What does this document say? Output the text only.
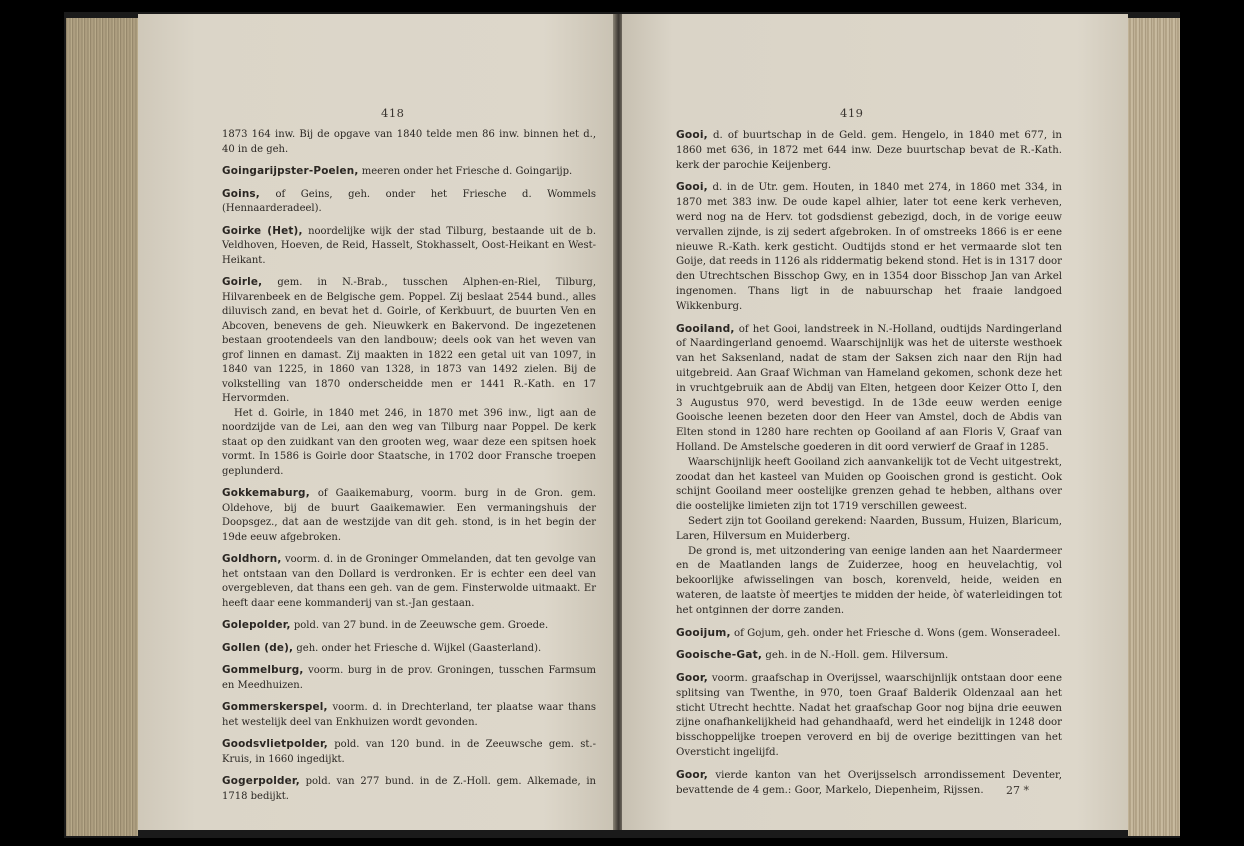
418

1873 164 inw. Bij de opgave van 1840 telde men 86 inw. binnen het d., 40 in de geh.

Goingarijpster-Poelen, meeren onder het Friesche d. Goingarijp.

Goins, of Geins, geh. onder het Friesche d. Wommels (Hennaarderadeel).

Goirke (Het), noordelijke wijk der stad Tilburg, bestaande uit de b. Veldhoven, Hoeven, de Reid, Hasselt, Stokhasselt, Oost-Heikant en West-Heikant.

Goirle, gem. in N.-Brab., tusschen Alphen-en-Riel, Tilburg, Hilvarenbeek en de Belgische gem. Poppel. Zij beslaat 2544 bund., alles diluvisch zand, en bevat het d. Goirle, of Kerkbuurt, de buurten Ven en Abcoven, benevens de geh. Nieuwkerk en Bakervond. De ingezetenen bestaan grootendeels van den landbouw; deels ook van het weven van grof linnen en damast. Zij maakten in 1822 een getal uit van 1097, in 1840 van 1225, in 1860 van 1328, in 1873 van 1492 zielen. Bij de volkstelling van 1870 onderscheidde men er 1441 R.-Kath. en 17 Hervormden.

Het d. Goirle, in 1840 met 246, in 1870 met 396 inw., ligt aan de noordzijde van de Lei, aan den weg van Tilburg naar Poppel. De kerk staat op den zuidkant van den grooten weg, waar deze een spitsen hoek vormt. In 1586 is Goirle door Staatsche, in 1702 door Fransche troepen geplunderd.

Gokkemaburg, of Gaaikemaburg, voorm. burg in de Gron. gem. Oldehove, bij de buurt Gaaikemawier. Een vermaningshuis der Doopsgez., dat aan de westzijde van dit geh. stond, is in het begin der 19de eeuw afgebroken.

Goldhorn, voorm. d. in de Groninger Ommelanden, dat ten gevolge van het ontstaan van den Dollard is verdronken. Er is echter een deel van overgebleven, dat thans een geh. van de gem. Finsterwolde uitmaakt. Er heeft daar eene kommanderij van st.-Jan gestaan.

Golepolder, pold. van 27 bund. in de Zeeuwsche gem. Groede.

Gollen (de), geh. onder het Friesche d. Wijkel (Gaasterland).

Gommelburg, voorm. burg in de prov. Groningen, tusschen Farmsum en Meedhuizen.

Gommerskerspel, voorm. d. in Drechterland, ter plaatse waar thans het westelijk deel van Enkhuizen wordt gevonden.

Goodsvlietpolder, pold. van 120 bund. in de Zeeuwsche gem. st.-Kruis, in 1660 ingedijkt.

Gogerpolder, pold. van 277 bund. in de Z.-Holl. gem. Alkemade, in 1718 bedijkt.

419

Gooi, d. of buurtschap in de Geld. gem. Hengelo, in 1840 met 677, in 1860 met 636, in 1872 met 644 inw. Deze buurtschap bevat de R.-Kath. kerk der parochie Keijenberg.

Gooi, d. in de Utr. gem. Houten, in 1840 met 274, in 1860 met 334, in 1870 met 383 inw. De oude kapel alhier, later tot eene kerk verheven, werd nog na de Herv. tot godsdienst gebezigd, doch, in de vorige eeuw vervallen zijnde, is zij sedert afgebroken. In of omstreeks 1866 is er eene nieuwe R.-Kath. kerk gesticht. Oudtijds stond er het vermaarde slot ten Goije, dat reeds in 1126 als riddermatig bekend stond. Het is in 1317 door den Utrechtschen Bisschop Gwy, en in 1354 door Bisschop Jan van Arkel ingenomen. Thans ligt in de nabuurschap het fraaie landgoed Wikkenburg.

Gooiland, of het Gooi, landstreek in N.-Holland, oudtijds Nardingerland of Naardingerland genoemd. Waarschijnlijk was het de uiterste westhoek van het Saksenland, nadat de stam der Saksen zich naar den Rijn had uitgebreid. Aan Graaf Wichman van Hameland gekomen, schonk deze het in vruchtgebruik aan de Abdij van Elten, hetgeen door Keizer Otto I, den 3 Augustus 970, werd bevestigd. In de 13de eeuw werden eenige Gooische leenen bezeten door den Heer van Amstel, doch de Abdis van Elten stond in 1280 hare rechten op Gooiland af aan Floris V, Graaf van Holland. De Amstelsche goederen in dit oord verwierf de Graaf in 1285.

Waarschijnlijk heeft Gooiland zich aanvankelijk tot de Vecht uitgestrekt, zoodat dan het kasteel van Muiden op Gooischen grond is gesticht. Ook schijnt Gooiland meer oostelijke grenzen gehad te hebben, althans over die oostelijke limieten zijn tot 1719 verschillen geweest.

Sedert zijn tot Gooiland gerekend: Naarden, Bussum, Huizen, Blaricum, Laren, Hilversum en Muiderberg.

De grond is, met uitzondering van eenige landen aan het Naardermeer en de Maatlanden langs de Zuiderzee, hoog en heuvelachtig, vol bekoorlijke afwisselingen van bosch, korenveld, heide, weiden en wateren, de laatste òf meertjes te midden der heide, òf waterleidingen tot het ontginnen der dorre zanden.

Gooijum, of Gojum, geh. onder het Friesche d. Wons (gem. Wonseradeel.

Gooische-Gat, geh. in de N.-Holl. gem. Hilversum.

Goor, voorm. graafschap in Overijssel, waarschijnlijk ontstaan door eene splitsing van Twenthe, in 970, toen Graaf Balderik Oldenzaal aan het sticht Utrecht hechtte. Nadat het graafschap Goor nog bijna drie eeuwen zijne onafhankelijkheid had gehandhaafd, werd het eindelijk in 1248 door bisschoppelijke troepen veroverd en bij de overige bezittingen van het Oversticht ingelijfd.

Goor, vierde kanton van het Overijsselsch arrondissement Deventer, bevattende de 4 gem.: Goor, Markelo, Diepenheim, Rijssen.	27 *
